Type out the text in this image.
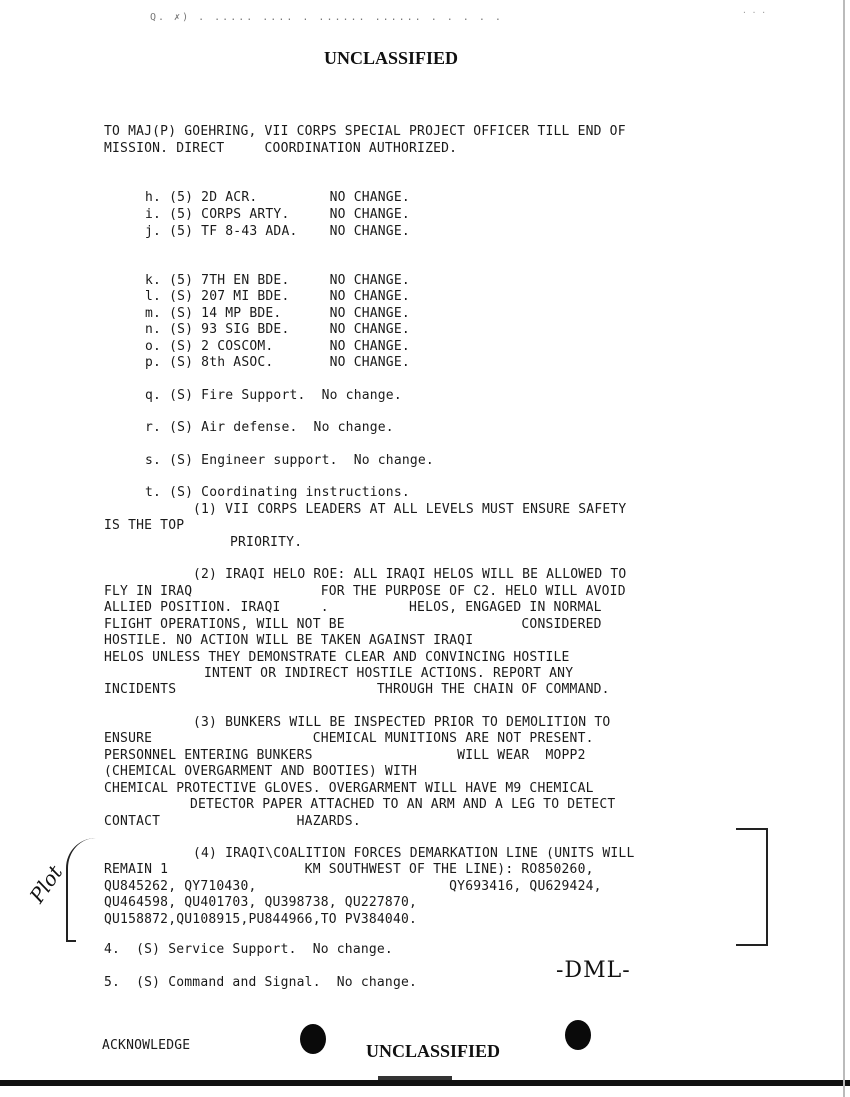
Q. ✗) . ..... .... . ...... ...... . . . . .	· · ·
UNCLASSIFIED
TO MAJ(P) GOEHRING, VII CORPS SPECIAL PROJECT OFFICER TILL END OF
MISSION. DIRECT     COORDINATION AUTHORIZED.
h. (5) 2D ACR.         NO CHANGE.
i. (5) CORPS ARTY.     NO CHANGE.
j. (5) TF 8-43 ADA.    NO CHANGE.
k. (5) 7TH EN BDE.     NO CHANGE.
l. (S) 207 MI BDE.     NO CHANGE.
m. (S) 14 MP BDE.      NO CHANGE.
n. (S) 93 SIG BDE.     NO CHANGE.
o. (S) 2 COSCOM.       NO CHANGE.
p. (S) 8th ASOC.       NO CHANGE.
q. (S) Fire Support.  No change.
r. (S) Air defense.  No change.
s. (S) Engineer support.  No change.
t. (S) Coordinating instructions.
(1) VII CORPS LEADERS AT ALL LEVELS MUST ENSURE SAFETY
IS THE TOP
PRIORITY.
(2) IRAQI HELO ROE: ALL IRAQI HELOS WILL BE ALLOWED TO
FLY IN IRAQ                FOR THE PURPOSE OF C2. HELO WILL AVOID
ALLIED POSITION. IRAQI     .          HELOS, ENGAGED IN NORMAL
FLIGHT OPERATIONS, WILL NOT BE                      CONSIDERED
HOSTILE. NO ACTION WILL BE TAKEN AGAINST IRAQI
HELOS UNLESS THEY DEMONSTRATE CLEAR AND CONVINCING HOSTILE
INTENT OR INDIRECT HOSTILE ACTIONS. REPORT ANY
INCIDENTS                         THROUGH THE CHAIN OF COMMAND.
(3) BUNKERS WILL BE INSPECTED PRIOR TO DEMOLITION TO
ENSURE                    CHEMICAL MUNITIONS ARE NOT PRESENT.
PERSONNEL ENTERING BUNKERS                  WILL WEAR  MOPP2
(CHEMICAL OVERGARMENT AND BOOTIES) WITH
CHEMICAL PROTECTIVE GLOVES. OVERGARMENT WILL HAVE M9 CHEMICAL
DETECTOR PAPER ATTACHED TO AN ARM AND A LEG TO DETECT
CONTACT                 HAZARDS.
(4) IRAQI\COALITION FORCES DEMARKATION LINE (UNITS WILL
REMAIN 1                 KM SOUTHWEST OF THE LINE): RO850260,
QU845262, QY710430,                        QY693416, QU629424,
QU464598, QU401703, QU398738, QU227870,
QU158872,QU108915,PU844966,TO PV384040.
4.  (S) Service Support.  No change.
5.  (S) Command and Signal.  No change.
ACKNOWLEDGE
Plot
-DML-
UNCLASSIFIED
